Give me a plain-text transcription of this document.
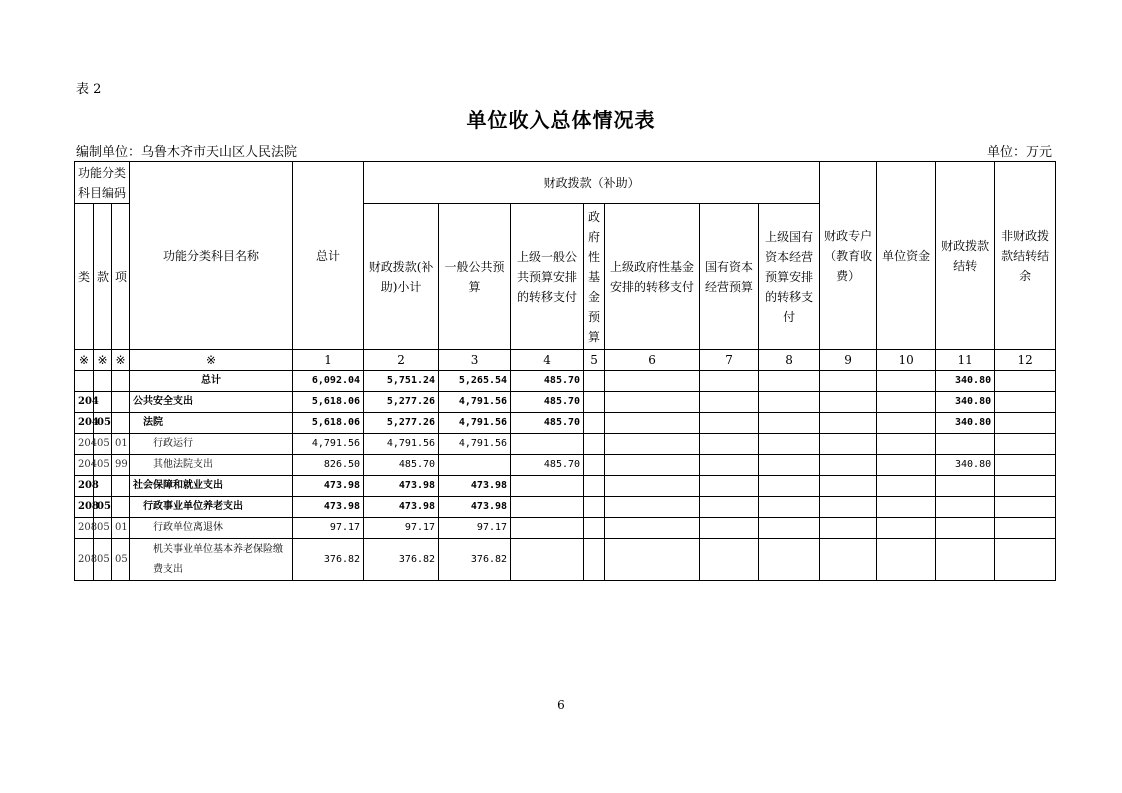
表 2
单位收入总体情况表
编制单位：乌鲁木齐市天山区人民法院	单位：万元
功能分类科目编码			功能分类科目名称	总计	财政拨款（补助）							财政专户（教育收费）	单位资金	财政拨款结转	非财政拨款结转结余
类	款	项			财政拨款(补助)小计	一般公共预算	上级一般公共预算安排的转移支付	政府性基金预算	上级政府性基金安排的转移支付	国有资本经营预算	上级国有资本经营预算安排的转移支付				
※	※	※	※	1	2	3	4	5	6	7	8	9	10	11	12
			总计	6,092.04	5,751.24	5,265.54	485.70							340.80	
204			公共安全支出	5,618.06	5,277.26	4,791.56	485.70							340.80	
204	05		法院	5,618.06	5,277.26	4,791.56	485.70							340.80	
204	05	01	行政运行	4,791.56	4,791.56	4,791.56									
204	05	99	其他法院支出	826.50	485.70		485.70							340.80	
208			社会保障和就业支出	473.98	473.98	473.98									
208	05		行政事业单位养老支出	473.98	473.98	473.98									
208	05	01	行政单位离退休	97.17	97.17	97.17									
208	05	05	机关事业单位基本养老保险缴费支出	376.82	376.82	376.82									
6
